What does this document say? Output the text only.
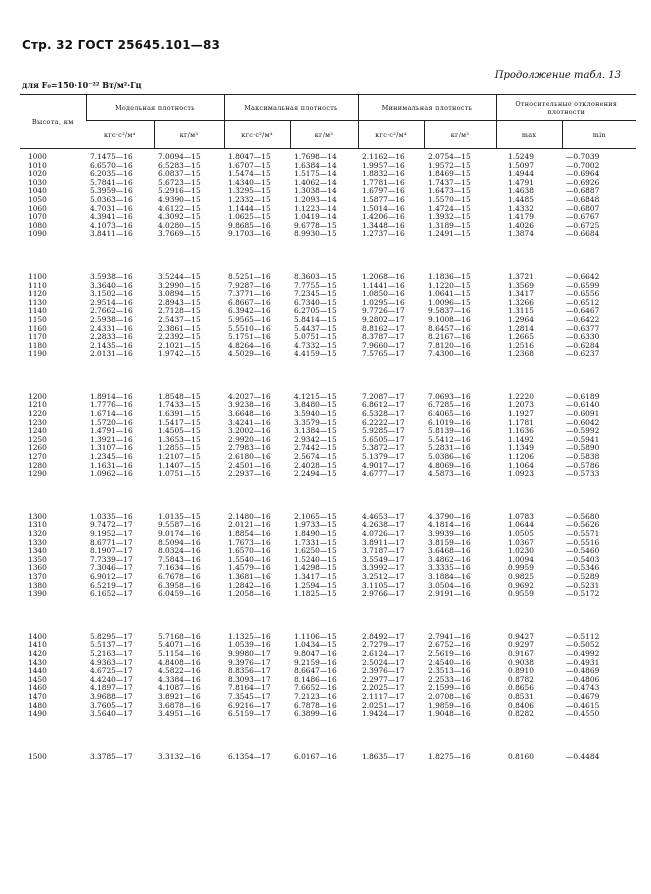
Стр. 32 ГОСТ 25645.101—83
Продолжение табл. 13
для F₀=150·10⁻²² Вт/м²·Гц
Высота, км	Модельная плотность		Максимальная плотность		Минимальная плотность		Относительные отклонения плотности	
	кгс·с²/м⁴	кг/м³	кгс·с²/м⁴	кг/м³	кгс·с²/м⁴	кг/м³	max	min

1000	7.1475—16	7.0094—15	1.8047—15	1.7698—14	2.1162—16	2.0754—15	1.5249	—0.7039
1010	6.6570—16	6.5283—15	1.6707—15	1.6384—14	1.9957—16	1.9572—15	1.5097	—0.7002
1020	6.2035—16	6.0837—15	1.5474—15	1.5175—14	1.8832—16	1.8469—15	1.4944	—0.6964
1030	5.7841—16	5.6723—15	1.4340—15	1.4062—14	1.7781—16	1.7437—15	1.4791	—0.6926
1040	5.3959—16	5.2916—15	1.3295—15	1.3038—14	1.6797—16	1.6473—15	1.4638	—0.6887
1050	5.0363—16	4.9390—15	1.2332—15	1.2093—14	1.5877—16	1.5570—15	1.4485	—0.6848
1060	4.7031—16	4.6122—15	1.1444—15	1.1223—14	1.5014—16	1.4724—15	1.4332	—0.6807
1070	4.3941—16	4.3092—15	1.0625—15	1.0419—14	1.4206—16	1.3932—15	1.4179	—0.6767
1080	4.1073—16	4.0280—15	9.8685—16	9.6778—15	1.3448—16	1.3189—15	1.4026	—0.6725
1090	3.8411—16	3.7669—15	9.1703—16	8.9930—15	1.2737—16	1.2491—15	1.3874	—0.6684

1100	3.5938—16	3.5244—15	8.5251—16	8.3603—15	1.2068—16	1.1836—15	1.3721	—0.6642
1110	3.3640—16	3.2990—15	7.9287—16	7.7755—15	1.1441—16	1.1220—15	1.3569	—0.6599
1120	3.1502—16	3.0894—15	7.3771—16	7.2345—15	1.0850—16	1.0641—15	1.3417	—0.6556
1130	2.9514—16	2.8943—15	6.8667—16	6.7340—15	1.0295—16	1.0096—15	1.3266	—0.6512
1140	2.7662—16	2.7128—15	6.3942—16	6.2705—15	9.7726—17	9.5837—16	1.3115	—0.6467
1150	2.5938—16	2.5437—15	5.9565—16	5.8414—15	9.2802—17	9.1008—16	1.2964	—0.6422
1160	2.4331—16	2.3861—15	5.5510—16	5.4437—15	8.8162—17	8.6457—16	1.2814	—0.6377
1170	2.2833—16	2.2392—15	5.1751—16	5.0751—15	8.3787—17	8.2167—16	1.2665	—0.6330
1180	2.1435—16	2.1021—15	4.8264—16	4.7332—15	7.9660—17	7.8120—16	1.2516	—0.6284
1190	2.0131—16	1.9742—15	4.5029—16	4.4159—15	7.5765—17	7.4300—16	1.2368	—0.6237

1200	1.8914—16	1.8548—15	4.2027—16	4.1215—15	7.2087—17	7.0693—16	1.2220	—0.6189
1210	1.7776—16	1.7433—15	3.9238—16	3.8480—15	6.8612—17	6.7285—16	1.2073	—0.6140
1220	1.6714—16	1.6391—15	3.6648—16	3.5940—15	6.5328—17	6.4065—16	1.1927	—0.6091
1230	1.5720—16	1.5417—15	3.4241—16	3.3579—15	6.2222—17	6.1019—16	1.1781	—0.6042
1240	1.4791—16	1.4505—15	3.2002—16	3.1384—15	5.9285—17	5.8139—16	1.1636	—0.5992
1250	1.3921—16	1.3653—15	2.9920—16	2.9342—15	5.6505—17	5.5412—16	1.1492	—0.5941
1260	1.3107—16	1.2855—15	2.7983—16	2.7442—15	5.3872—17	5.2831—16	1.1349	—0.5890
1270	1.2345—16	1.2107—15	2.6180—16	2.5674—15	5.1379—17	5.0386—16	1.1206	—0.5838
1280	1.1631—16	1.1407—15	2.4501—16	2.4028—15	4.9017—17	4.8069—16	1.1064	—0.5786
1290	1.0962—16	1.0751—15	2.2937—16	2.2494—15	4.6777—17	4.5873—16	1.0923	—0.5733

1300	1.0335—16	1.0135—15	2.1480—16	2.1065—15	4.4653—17	4.3790—16	1.0783	—0.5680
1310	9.7472—17	9.5587—16	2.0121—16	1.9733—15	4.2638—17	4.1814—16	1.0644	—0.5626
1320	9.1952—17	9.0174—16	1.8854—16	1.8490—15	4.0726—17	3.9939—16	1.0505	—0.5571
1330	8.6771—17	8.5094—16	1.7673—16	1.7331—15	3.8911—17	3.8159—16	1.0367	—0.5516
1340	8.1907—17	8.0324—16	1.6570—16	1.6250—15	3.7187—17	3.6468—16	1.0230	—0.5460
1350	7.7339—17	7.5843—16	1.5540—16	1.5240—15	3.5549—17	3.4862—16	1.0094	—0.5403
1360	7.3046—17	7.1634—16	1.4579—16	1.4298—15	3.3992—17	3.3335—16	0.9959	—0.5346
1370	6.9012—17	6.7678—16	1.3681—16	1.3417—15	3.2512—17	3.1884—16	0.9825	—0.5289
1380	6.5219—17	6.3958—16	1.2842—16	1.2594—15	3.1105—17	3.0504—16	0.9692	—0.5231
1390	6.1652—17	6.0459—16	1.2058—16	1.1825—15	2.9766—17	2.9191—16	0.9559	—0.5172

1400	5.8295—17	5.7168—16	1.1325—16	1.1106—15	2.8492—17	2.7941—16	0.9427	—0.5112
1410	5.5137—17	5.4071—16	1.0539—16	1.0434—15	2.7279—17	2.6752—16	0.9297	—0.5052
1420	5.2163—17	5.1154—16	9.9980—17	9.8047—16	2.6124—17	2.5619—16	0.9167	—0.4992
1430	4.9363—17	4.8408—16	9.3976—17	9.2159—16	2.5024—17	2.4540—16	0.9038	—0.4931
1440	4.6725—17	4.5822—16	8.8356—17	8.6647—16	2.3976—17	2.3513—16	0.8910	—0.4869
1450	4.4240—17	4.3384—16	8.3093—17	8.1486—16	2.2977—17	2.2533—16	0.8782	—0.4806
1460	4.1897—17	4.1087—16	7.8164—17	7.6652—16	2.2025—17	2.1599—16	0.8656	—0.4743
1470	3.9688—17	3.8921—16	7.3545—17	7.2123—16	2.1117—17	2.0708—16	0.8531	—0.4679
1480	3.7605—17	3.6878—16	6.9216—17	6.7878—16	2.0251—17	1.9859—16	0.8406	—0.4615
1490	3.5640—17	3.4951—16	6.5159—17	6.3899—16	1.9424—17	1.9048—16	0.8282	—0.4550

1500	3.3785—17	3.3132—16	6.1354—17	6.0167—16	1.8635—17	1.8275—16	0.8160	—0.4484
